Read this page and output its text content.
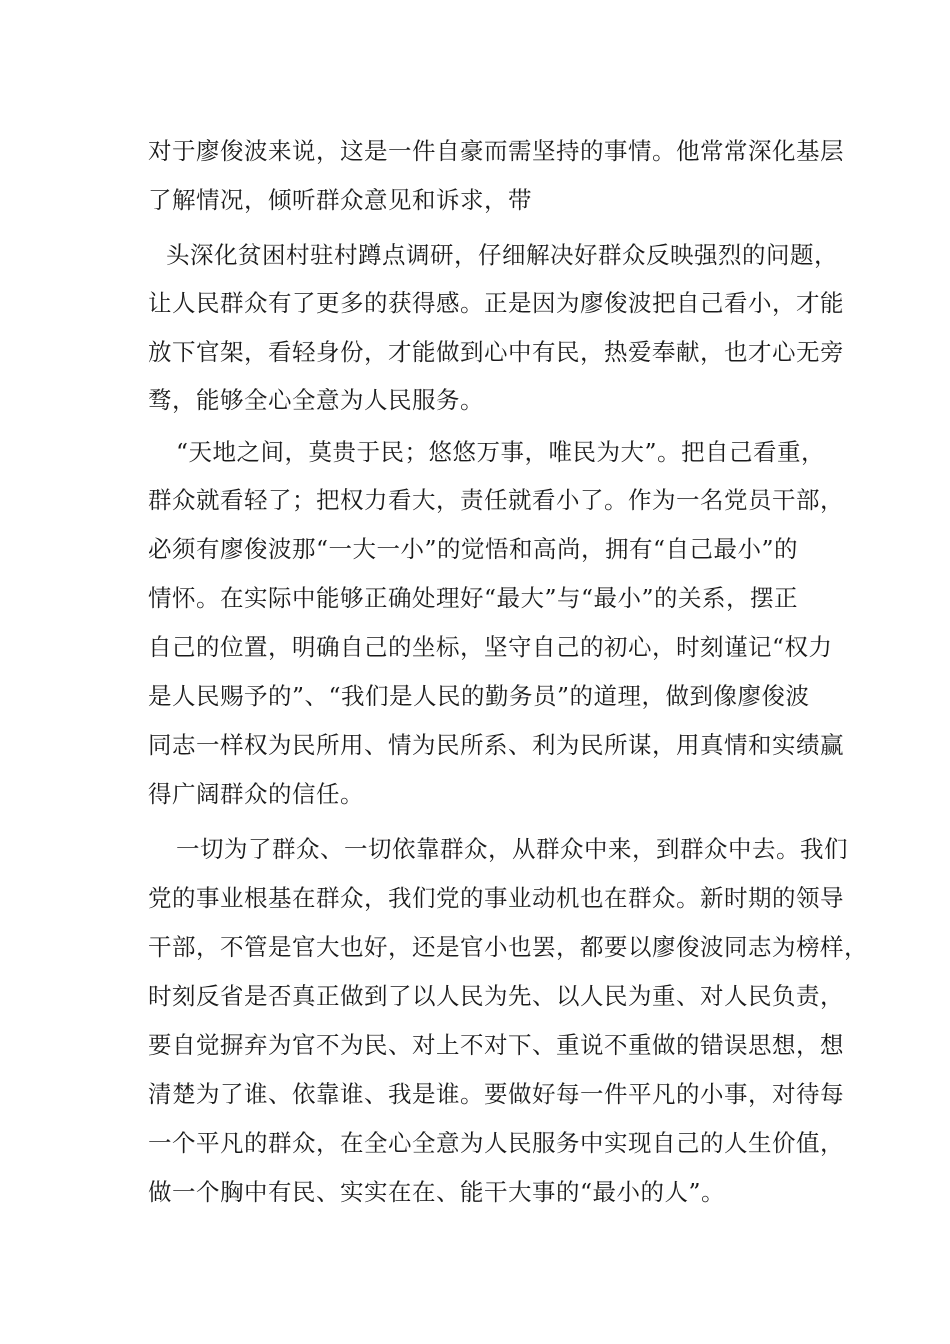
对于廖俊波来说，这是一件自豪而需坚持的事情。他常常深化基层
了解情况，倾听群众意见和诉求，带
头深化贫困村驻村蹲点调研，仔细解决好群众反映强烈的问题，
让人民群众有了更多的获得感。正是因为廖俊波把自己看小，才能
放下官架，看轻身份，才能做到心中有民，热爱奉献，也才心无旁
骛，能够全心全意为人民服务。
“天地之间，莫贵于民；悠悠万事，唯民为大”。把自己看重，
群众就看轻了；把权力看大，责任就看小了。作为一名党员干部，
必须有廖俊波那“一大一小”的觉悟和高尚，拥有“自己最小”的
情怀。在实际中能够正确处理好“最大”与“最小”的关系，摆正
自己的位置，明确自己的坐标，坚守自己的初心，时刻谨记“权力
是人民赐予的”、“我们是人民的勤务员”的道理，做到像廖俊波
同志一样权为民所用、情为民所系、利为民所谋，用真情和实绩赢
得广阔群众的信任。
一切为了群众、一切依靠群众，从群众中来，到群众中去。我们
党的事业根基在群众，我们党的事业动机也在群众。新时期的领导
干部，不管是官大也好，还是官小也罢，都要以廖俊波同志为榜样，
时刻反省是否真正做到了以人民为先、以人民为重、对人民负责，
要自觉摒弃为官不为民、对上不对下、重说不重做的错误思想，想
清楚为了谁、依靠谁、我是谁。要做好每一件平凡的小事，对待每
一个平凡的群众，在全心全意为人民服务中实现自己的人生价值，
做一个胸中有民、实实在在、能干大事的“最小的人”。
